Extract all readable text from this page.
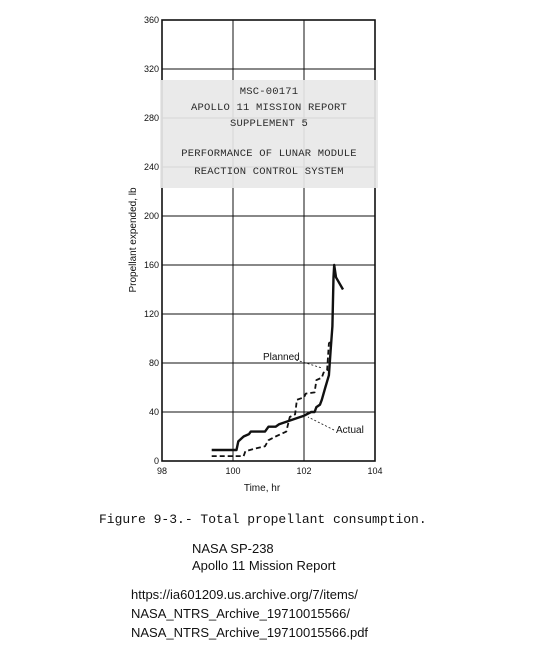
98	100	102	104
0
40
80
120
160
200
240
280
320
360
Time, hr
Propellant expended, lb
Planned
Actual
MSC-00171
APOLLO 11 MISSION REPORT
SUPPLEMENT 5
PERFORMANCE OF LUNAR MODULE
REACTION CONTROL SYSTEM
Figure 9-3.- Total propellant consumption.
NASA SP-238
Apollo 11 Mission Report
https://ia601209.us.archive.org/7/items/
NASA_NTRS_Archive_19710015566/
NASA_NTRS_Archive_19710015566.pdf
